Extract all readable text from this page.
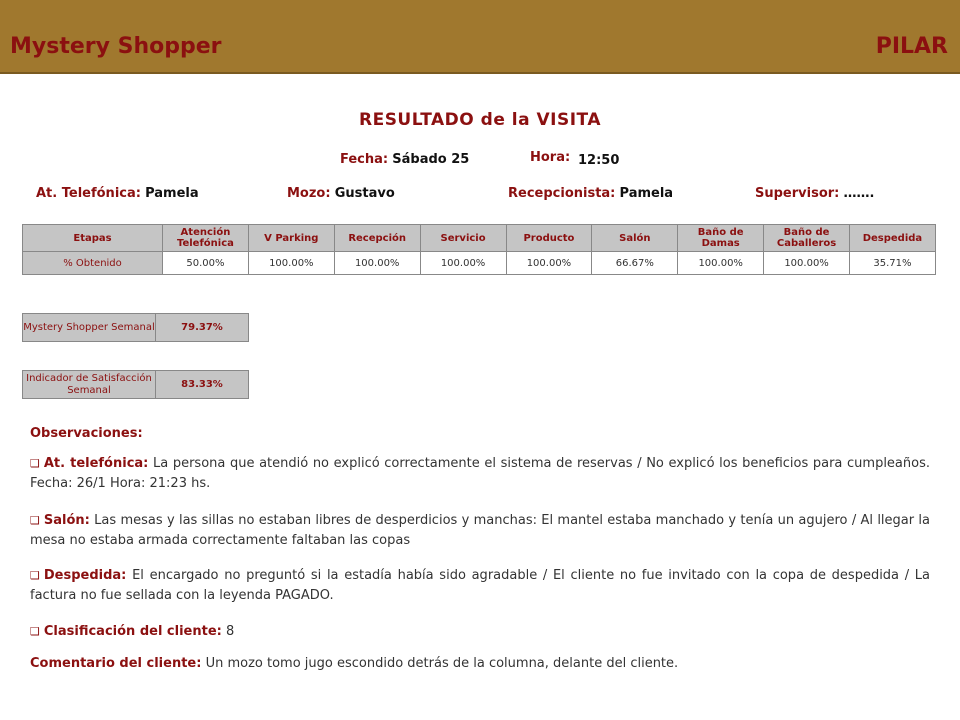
Mystery Shopper	PILAR
RESULTADO de la VISITA
Fecha: Sábado 25	Hora: 12:50
At. Telefónica: Pamela	Mozo: Gustavo	Recepcionista: Pamela	Supervisor: …….
Etapas	Atención Telefónica	V Parking	Recepción	Servicio	Producto	Salón	Baño de Damas	Baño de Caballeros	Despedida
% Obtenido	50.00%	100.00%	100.00%	100.00%	100.00%	66.67%	100.00%	100.00%	35.71%
Mystery Shopper Semanal	79.37%
Indicador de Satisfacción Semanal	83.33%
Observaciones:
❑ At. telefónica: La persona que atendió no explicó correctamente el sistema de reservas / No explicó los beneficios para cumpleaños. Fecha: 26/1 Hora: 21:23 hs.
❑ Salón: Las mesas y las sillas no estaban libres de desperdicios y manchas: El mantel estaba manchado y tenía un agujero / Al llegar la mesa no estaba armada correctamente faltaban las copas
❑ Despedida: El encargado no preguntó si la estadía había sido agradable / El cliente no fue invitado con la copa de despedida / La factura no fue sellada con la leyenda PAGADO.
❑ Clasificación del cliente: 8
Comentario del cliente: Un mozo tomo jugo escondido detrás de la columna, delante del cliente.
